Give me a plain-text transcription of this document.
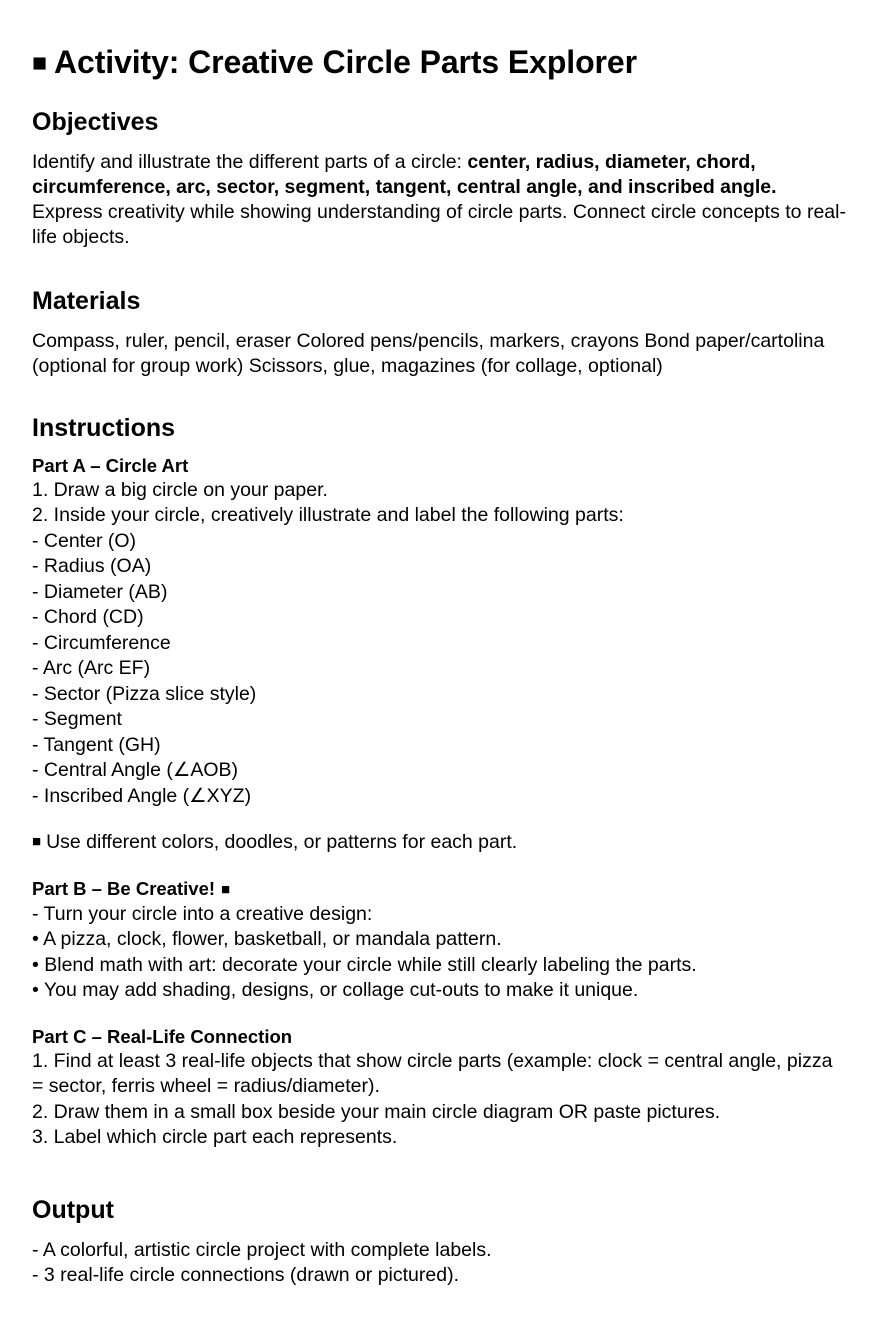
■ Activity: Creative Circle Parts Explorer
Objectives

Identify and illustrate the different parts of a circle: center, radius, diameter, chord, circumference, arc, sector, segment, tangent, central angle, and inscribed angle. Express creativity while showing understanding of circle parts. Connect circle concepts to real-life objects.

Materials

Compass, ruler, pencil, eraser Colored pens/pencils, markers, crayons Bond paper/cartolina (optional for group work) Scissors, glue, magazines (for collage, optional)

Instructions

Part A – Circle Art

1. Draw a big circle on your paper.

2. Inside your circle, creatively illustrate and label the following parts:

- Center (O)

- Radius (OA)

- Diameter (AB)

- Chord (CD)

- Circumference

- Arc (Arc EF)

- Sector (Pizza slice style)

- Segment

- Tangent (GH)

- Central Angle (∠AOB)

- Inscribed Angle (∠XYZ)

■ Use different colors, doodles, or patterns for each part.

Part B – Be Creative! ■

- Turn your circle into a creative design:

• A pizza, clock, flower, basketball, or mandala pattern.

• Blend math with art: decorate your circle while still clearly labeling the parts.

• You may add shading, designs, or collage cut-outs to make it unique.

Part C – Real-Life Connection

1. Find at least 3 real-life objects that show circle parts (example: clock = central angle, pizza = sector, ferris wheel = radius/diameter).

2. Draw them in a small box beside your main circle diagram OR paste pictures.

3. Label which circle part each represents.

Output

- A colorful, artistic circle project with complete labels.

- 3 real-life circle connections (drawn or pictured).
